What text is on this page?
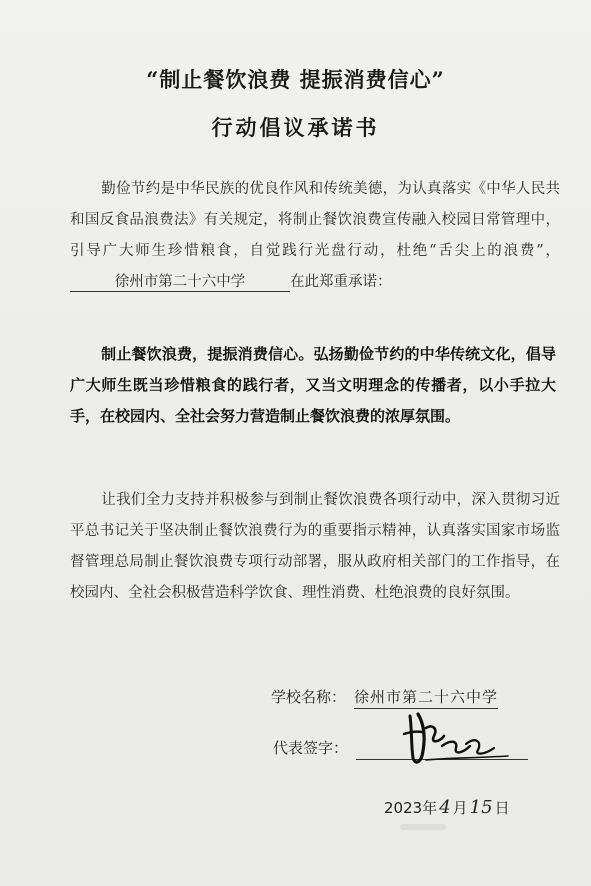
“制止餐饮浪费 提振消费信心”
行动倡议承诺书

勤俭节约是中华民族的优良作风和传统美德，为认真落实《中华人民共和国反食品浪费法》有关规定，将制止餐饮浪费宣传融入校园日常管理中，引导广大师生珍惜粮食，自觉践行光盘行动，杜绝“舌尖上的浪费”，徐州市第二十六中学	在此郑重承诺：

制止餐饮浪费，提振消费信心。弘扬勤俭节约的中华传统文化，倡导广大师生既当珍惜粮食的践行者，又当文明理念的传播者，以小手拉大手，在校园内、全社会努力营造制止餐饮浪费的浓厚氛围。

让我们全力支持并积极参与到制止餐饮浪费各项行动中，深入贯彻习近平总书记关于坚决制止餐饮浪费行为的重要指示精神，认真落实国家市场监督管理总局制止餐饮浪费专项行动部署，服从政府相关部门的工作指导，在校园内、全社会积极营造科学饮食、理性消费、杜绝浪费的良好氛围。

学校名称： 徐州市第二十六中学
代表签字：
2023年 4 月 15 日
